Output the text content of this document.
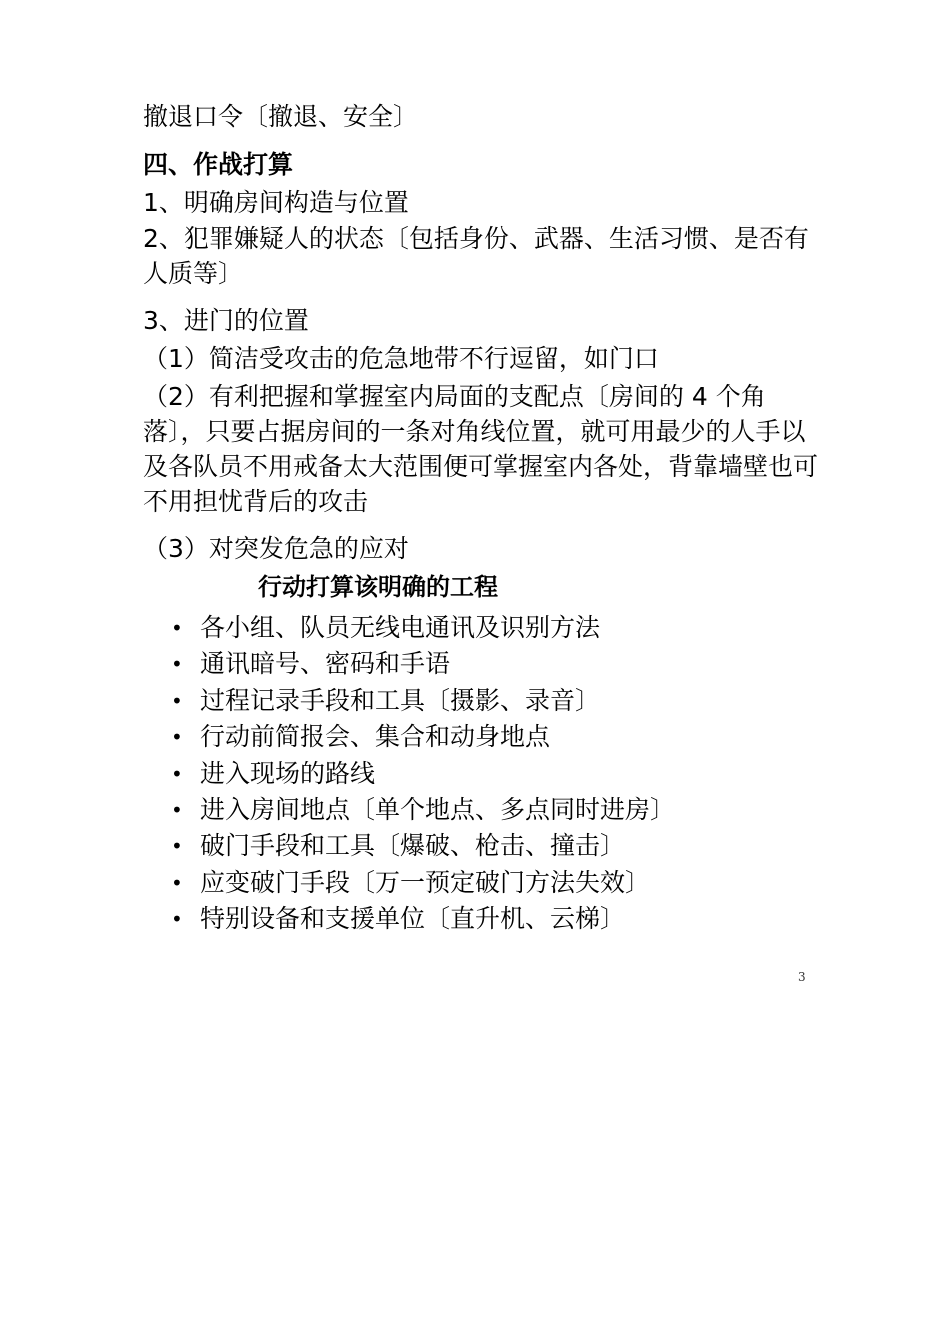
撤退口令〔撤退、安全〕

四、作战打算

1、明确房间构造与位置

2、犯罪嫌疑人的状态〔包括身份、武器、生活习惯、是否有

人质等〕

3、进门的位置

（1）简洁受攻击的危急地带不行逗留，如门口

（2）有利把握和掌握室内局面的支配点〔房间的 4 个角

落〕，只要占据房间的一条对角线位置，就可用最少的人手以

及各队员不用戒备太大范围便可掌握室内各处，背靠墙壁也可

不用担忧背后的攻击

（3）对突发危急的应对

行动打算该明确的工程
• 各小组、队员无线电通讯及识别方法
• 通讯暗号、密码和手语
• 过程记录手段和工具〔摄影、录音〕
• 行动前简报会、集合和动身地点
• 进入现场的路线
• 进入房间地点〔单个地点、多点同时进房〕
• 破门手段和工具〔爆破、枪击、撞击〕
• 应变破门手段〔万一预定破门方法失效〕
• 特别设备和支援单位〔直升机、云梯〕
3
